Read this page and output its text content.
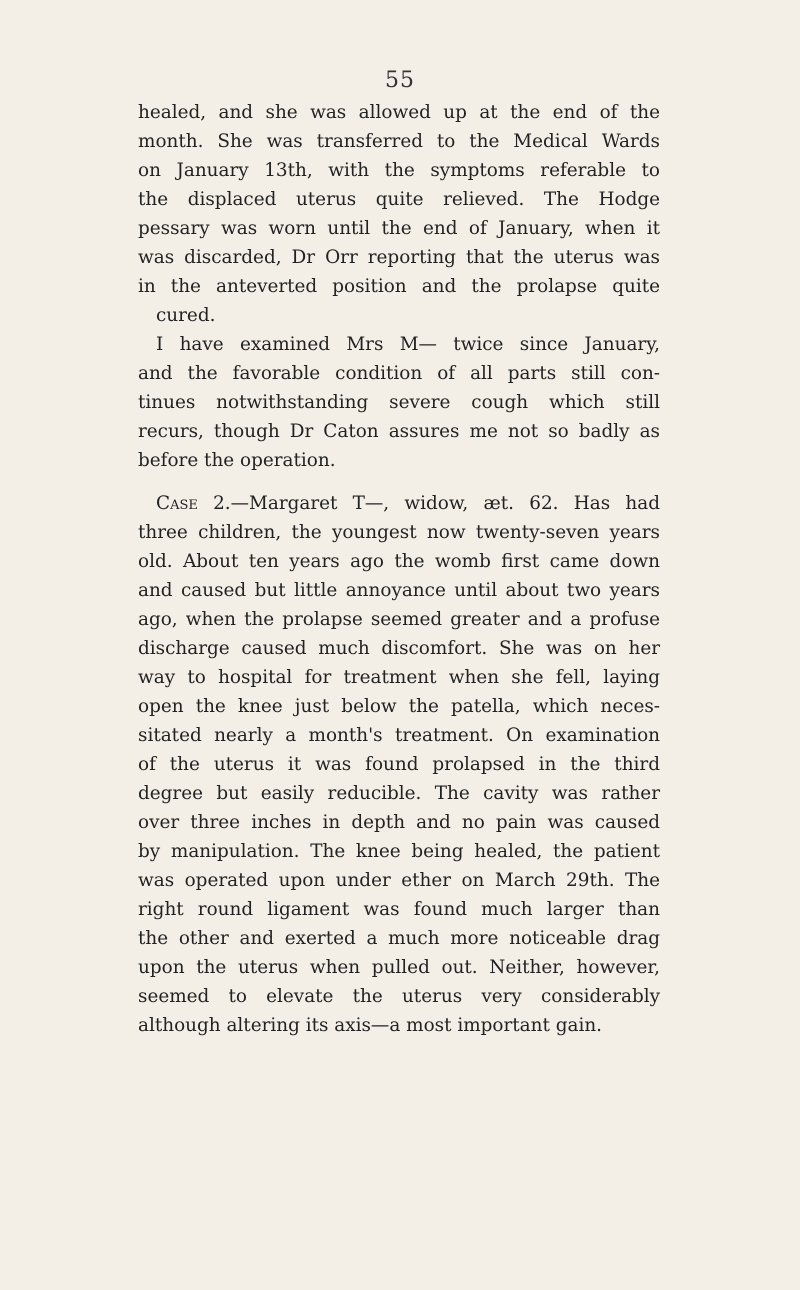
55
healed, and she was allowed up at the end of the
month. She was transferred to the Medical Wards
on January 13th, with the symptoms referable to
the displaced uterus quite relieved. The Hodge
pessary was worn until the end of January, when it
was discarded, Dr Orr reporting that the uterus was
in the anteverted position and the prolapse quite
cured.
I have examined Mrs M— twice since January,
and the favorable condition of all parts still con-
tinues notwithstanding severe cough which still
recurs, though Dr Caton assures me not so badly as
before the operation.
Case 2.—Margaret T—, widow, æt. 62. Has had
three children, the youngest now twenty-seven years
old. About ten years ago the womb first came down
and caused but little annoyance until about two years
ago, when the prolapse seemed greater and a profuse
discharge caused much discomfort. She was on her
way to hospital for treatment when she fell, laying
open the knee just below the patella, which neces-
sitated nearly a month's treatment. On examination
of the uterus it was found prolapsed in the third
degree but easily reducible. The cavity was rather
over three inches in depth and no pain was caused
by manipulation. The knee being healed, the patient
was operated upon under ether on March 29th. The
right round ligament was found much larger than
the other and exerted a much more noticeable drag
upon the uterus when pulled out. Neither, however,
seemed to elevate the uterus very considerably
although altering its axis—a most important gain.
